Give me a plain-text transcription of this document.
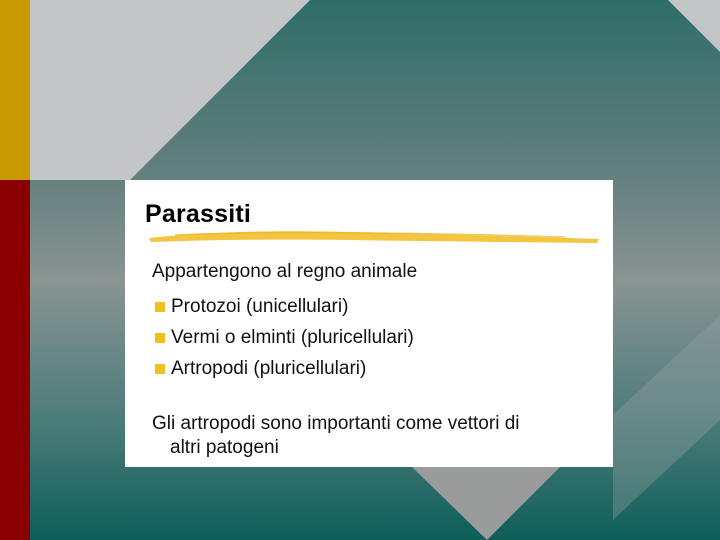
Parassiti
Appartengono al regno animale
Protozoi (unicellulari)
Vermi o elminti (pluricellulari)
Artropodi (pluricellulari)
Gli artropodi sono importanti come vettori di
altri patogeni
